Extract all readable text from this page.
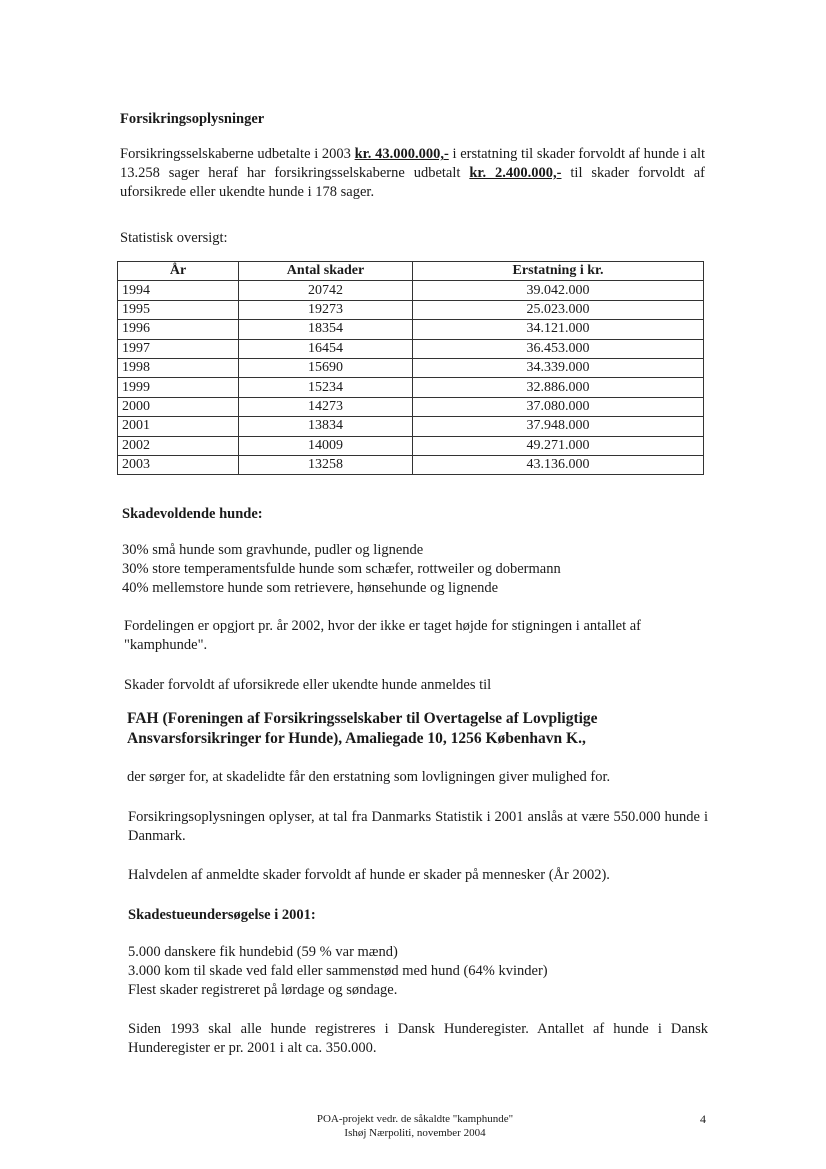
Forsikringsoplysninger
Forsikringsselskaberne udbetalte i 2003 kr. 43.000.000,- i erstatning til skader forvoldt af hunde i alt 13.258 sager heraf har forsikringsselskaberne udbetalt kr. 2.400.000,- til skader forvoldt af uforsikrede eller ukendte hunde i 178 sager.
Statistisk oversigt:
År	Antal skader	Erstatning i kr.
1994	20742	39.042.000
1995	19273	25.023.000
1996	18354	34.121.000
1997	16454	36.453.000
1998	15690	34.339.000
1999	15234	32.886.000
2000	14273	37.080.000
2001	13834	37.948.000
2002	14009	49.271.000
2003	13258	43.136.000
Skadevoldende hunde:
30% små hunde som gravhunde, pudler og lignende
30% store temperamentsfulde hunde som schæfer, rottweiler og dobermann
40% mellemstore hunde som retrievere, hønsehunde og lignende
Fordelingen er opgjort pr. år 2002, hvor der ikke er taget højde for stigningen i antallet af "kamphunde".
Skader forvoldt af uforsikrede eller ukendte hunde anmeldes til
FAH (Foreningen af Forsikringsselskaber til Overtagelse af Lovpligtige Ansvarsforsikringer for Hunde), Amaliegade 10, 1256 København K.,
der sørger for, at skadelidte får den erstatning som lovligningen giver mulighed for.
Forsikringsoplysningen oplyser, at tal fra Danmarks Statistik i 2001 anslås at være 550.000 hunde i Danmark.
Halvdelen af anmeldte skader forvoldt af hunde er skader på mennesker (År 2002).
Skadestueundersøgelse i 2001:
5.000 danskere fik hundebid (59 % var mænd)
3.000 kom til skade ved fald eller sammenstød med hund (64% kvinder)
Flest skader registreret på lørdage og søndage.
Siden 1993 skal alle hunde registreres i Dansk Hunderegister. Antallet af hunde i Dansk Hunderegister er pr. 2001 i alt ca. 350.000.
POA-projekt vedr. de såkaldte "kamphunde"
Ishøj Nærpoliti, november 2004
4
